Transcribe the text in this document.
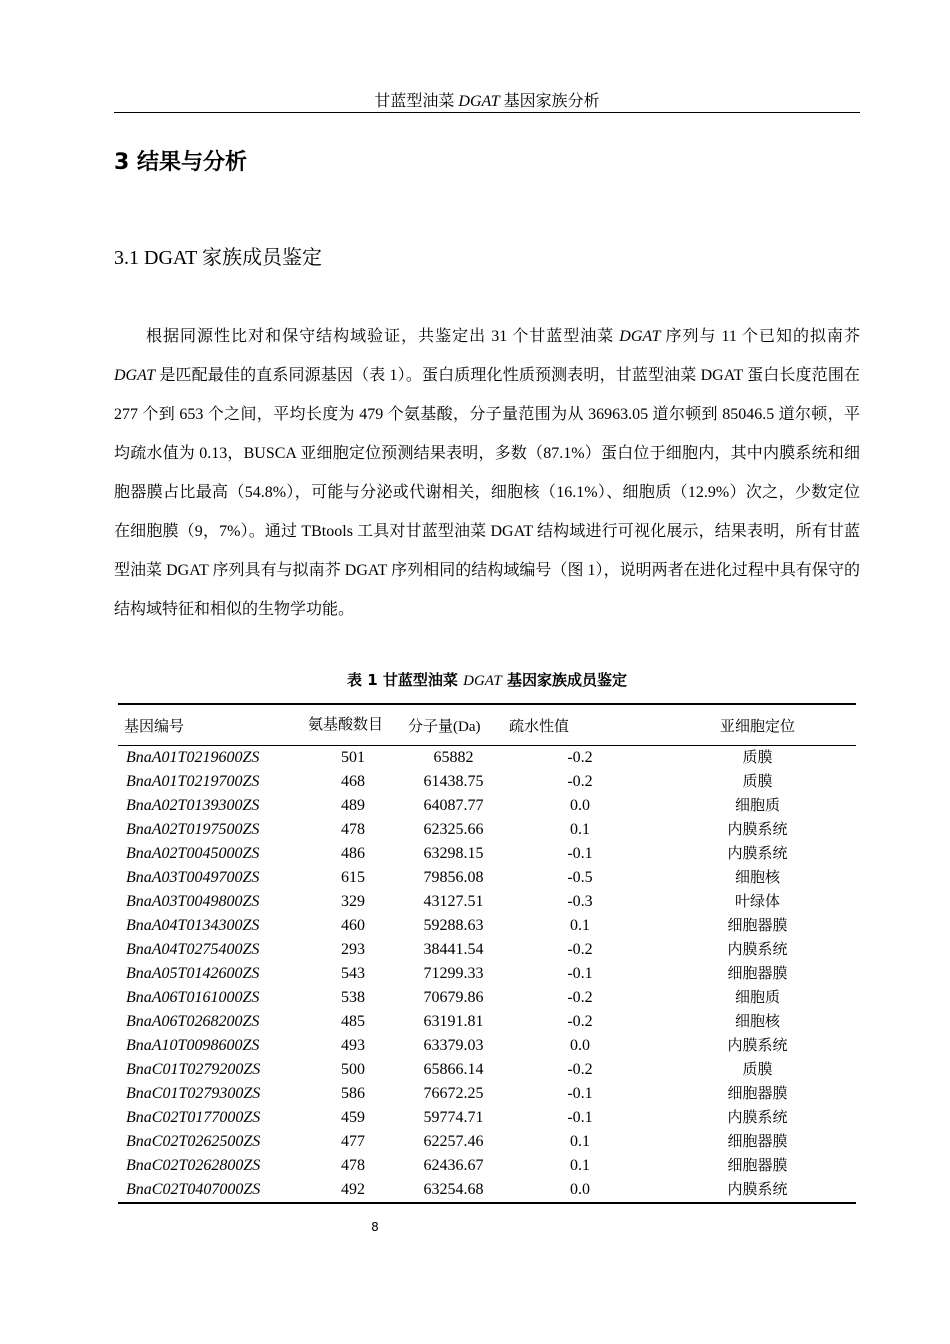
甘蓝型油菜 DGAT 基因家族分析
3 结果与分析
3.1 DGAT 家族成员鉴定

根据同源性比对和保守结构域验证，共鉴定出 31 个甘蓝型油菜 DGAT 序列与 11 个已知的拟南芥 DGAT 是匹配最佳的直系同源基因（表 1）。蛋白质理化性质预测表明，甘蓝型油菜 DGAT 蛋白长度范围在 277 个到 653 个之间，平均长度为 479 个氨基酸，分子量范围为从 36963.05 道尔顿到 85046.5 道尔顿，平均疏水值为 0.13，BUSCA 亚细胞定位预测结果表明，多数（87.1%）蛋白位于细胞内，其中内膜系统和细胞器膜占比最高（54.8%），可能与分泌或代谢相关，细胞核（16.1%）、细胞质（12.9%）次之，少数定位在细胞膜（9，7%）。通过 TBtools 工具对甘蓝型油菜 DGAT 结构域进行可视化展示，结果表明，所有甘蓝型油菜 DGAT 序列具有与拟南芥 DGAT 序列相同的结构域编号（图 1），说明两者在进化过程中具有保守的结构域特征和相似的生物学功能。

表 1 甘蓝型油菜 DGAT 基因家族成员鉴定
基因编号	氨基酸数目	分子量(Da)	疏水性值	亚细胞定位
BnaA01T0219600ZS	501	65882	-0.2	质膜
BnaA01T0219700ZS	468	61438.75	-0.2	质膜
BnaA02T0139300ZS	489	64087.77	0.0	细胞质
BnaA02T0197500ZS	478	62325.66	0.1	内膜系统
BnaA02T0045000ZS	486	63298.15	-0.1	内膜系统
BnaA03T0049700ZS	615	79856.08	-0.5	细胞核
BnaA03T0049800ZS	329	43127.51	-0.3	叶绿体
BnaA04T0134300ZS	460	59288.63	0.1	细胞器膜
BnaA04T0275400ZS	293	38441.54	-0.2	内膜系统
BnaA05T0142600ZS	543	71299.33	-0.1	细胞器膜
BnaA06T0161000ZS	538	70679.86	-0.2	细胞质
BnaA06T0268200ZS	485	63191.81	-0.2	细胞核
BnaA10T0098600ZS	493	63379.03	0.0	内膜系统
BnaC01T0279200ZS	500	65866.14	-0.2	质膜
BnaC01T0279300ZS	586	76672.25	-0.1	细胞器膜
BnaC02T0177000ZS	459	59774.71	-0.1	内膜系统
BnaC02T0262500ZS	477	62257.46	0.1	细胞器膜
BnaC02T0262800ZS	478	62436.67	0.1	细胞器膜
BnaC02T0407000ZS	492	63254.68	0.0	内膜系统
8
